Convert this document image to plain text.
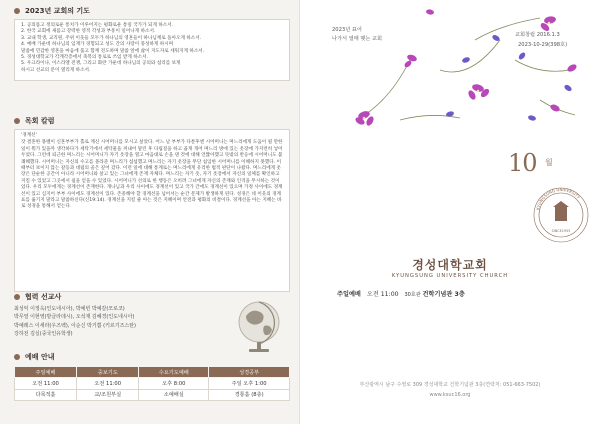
2023년 교회의 기도

1. 공의롭고 정의로운 통치가 이루어지는 평화로운 통일 국가가 되게 하소서.

2. 한국 교회에 새롭고 강력한 영적 각성과 부흥이 일어나게 하소서.

3. 교내 학생, 교직원, 주위 이웃들 모두가 하나님의 영혼들이 하나님께로 돌아오게 하소서.

4. 예배 가운데 하나님의 임재가 경험되고 성도 간의 사랑이 풍성하게 하시며

말씀에 민감한 영혼을 마음에 품고 함께 전도하며 말씀 앞에 삶이 지도자로 세워지게 하소서.

5. 경성대학교가 각계각층에서 축복의 통로로 쓰임 받게 하소서.

5. 우크라이나, 이스라엘 전쟁, 그리고 화란 가운데 하나님의 공의와 섭리를 보게

하시고 선교의 문이 열리게 하소서.

목회 칼럼

'경계선'

갓 결혼한 몽벨이 신혼부부가 홀로 계신 시어머니를 모시고 살았다. 어느 날 부부가 다툰후엔 시어머니는 며느리에게 도움이 될 만한 일이 뭐가 있을까 생각하다가 세탁기에서 세탁물을 꺼내어 말린 후 다림질을 하고 곱게 개어 며느리 방에 있는 옷장에 가지런히 넣어두었다. 그런데 퇴근한 며느리는 시어머니가 자기 옷장을 열고 마음대로 손을 댄 것에 대해 언짢아했고 뜻밖의 반응에 시어머니도 불쾌해했다. 시어머니는 자신의 수고를 몰라준 며느리가 섭섭했고 며느리는 자기 옷장을 무단 침입한 시어머니를 이해하지 못했다. 이때부터 보이지 않는 갈등과 대립의 골은 깊어 갔다. 이런 일에 대해 통계로는 며느리에게 유리한 법적 판단이 나왔다. 며느리에게 옷장은 단순한 공간이 아니라 시어머니와 살고 있는 그녀에게 존재 자체다. 며느리는 자기 옷, 자기 옷장에서 자신의 일체를 확인하고 지킬 수 있었고 그곳에서 쉼을 얻을 수 있었다. 시어머니가 선의로 한 행동은 오히려 그녀에게 자신의 존재와 인격을 무시하는 것이었다. 우리 모두에게는 경계선이 존재한다. 개나님과 우리 사이에도 경계선이 있고 국가 간에도 경계선이 있으며 가정 사이에도 경계선이 있고 심지어 부부 사이에도 경계선이 있다. 존중해야 할 경계선을 넘어서는 순간 문제가 발생하게 된다. 성경은 네 이웃의 경계표를 옮기지 말라고 말씀하신다(신19:14). 경계선을 지킬 줄 아는 것은 지혜이며 안전과 평화의 비결이다. 경계선을 아는 지혜는 바로 성경을 통해서 얻는다.

협력 선교사
최성익 이정옥(인도네시아), 박예빈 박예갈(모로코)
박무열 이현영(방글라데시), 오석재 김혜경(인도네시아)
박예레스 이세라(우즈벡), 이순신 박기쁨 (키르기즈스탄)
강하전 김실(중국인유학생)
예배 안내
주일예배	중보기도	수요기도예배	성경공부
오전 11:00	오전 11:00	오후 8:00	주일 오후 1:00
다목적홀	교/조원부실	소예배실	경통홀 (8층)
2023년 표어
나가서 열매 맺는 교회
교회창립 2016.1.3
2023-10-29(398호)
10 월
KYUNGSUNG UNIVERSITY
SINCE1955
경성대학교회
KYUNGSUNG UNIVERSITY CHURCH
주일예배 오전 11:00 30호관 건학기념관 3층
부산광역시 남구 수영로 309 경성대학교 건학기념관 3층(연락처: 051-663-7502)
www.ksuc16.org
